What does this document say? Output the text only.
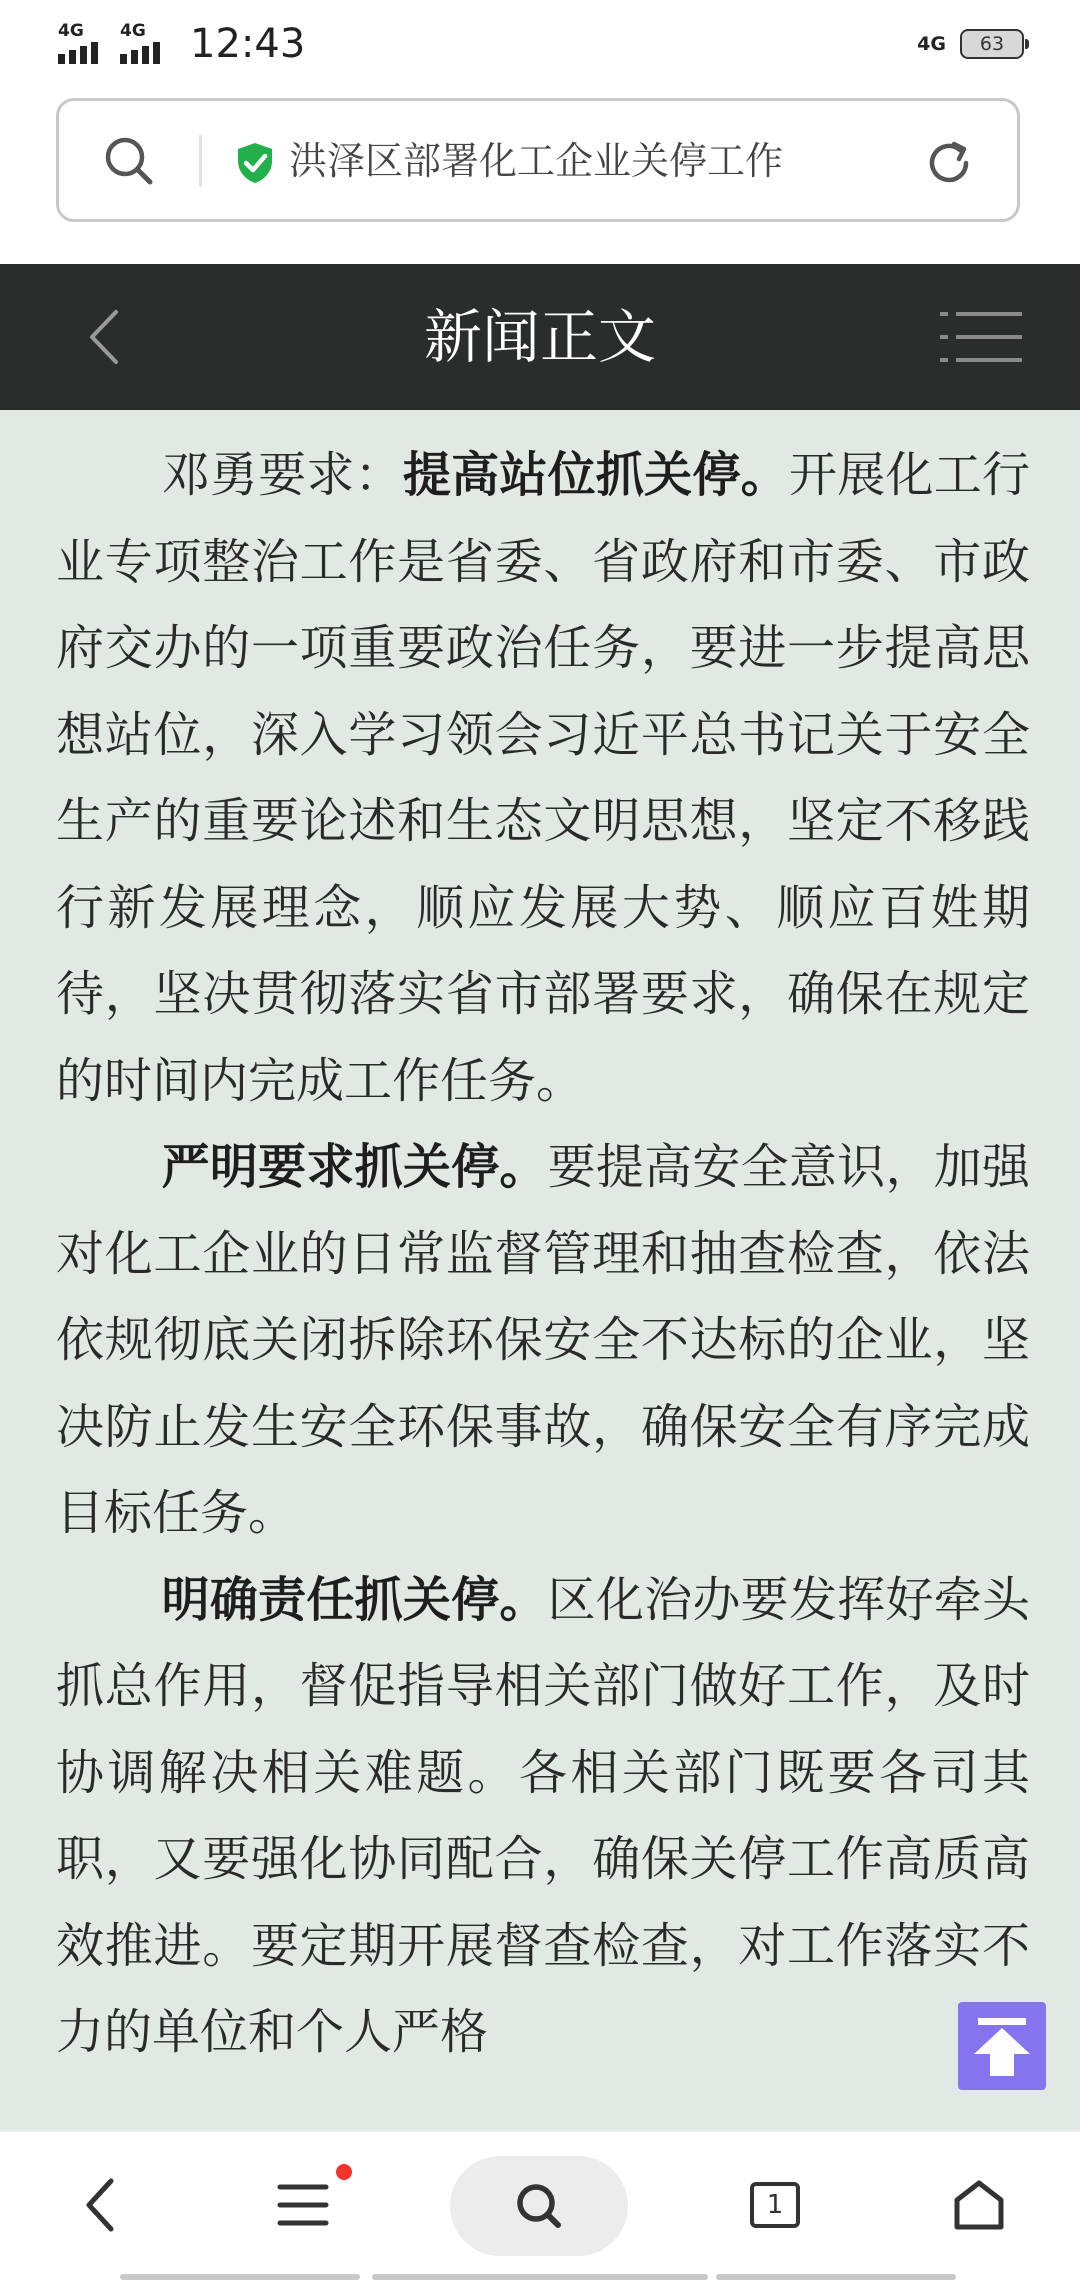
4G 4G 12:43	4G 63
洪泽区部署化工企业关停工作
新闻正文

邓勇要求：提高站位抓关停。开展化工行业专项整治工作是省委、省政府和市委、市政府交办的一项重要政治任务，要进一步提高思想站位，深入学习领会习近平总书记关于安全生产的重要论述和生态文明思想，坚定不移践行新发展理念，顺应发展大势、顺应百姓期待，坚决贯彻落实省市部署要求，确保在规定的时间内完成工作任务。

严明要求抓关停。要提高安全意识，加强对化工企业的日常监督管理和抽查检查，依法依规彻底关闭拆除环保安全不达标的企业，坚决防止发生安全环保事故，确保安全有序完成目标任务。

明确责任抓关停。区化治办要发挥好牵头抓总作用，督促指导相关部门做好工作，及时协调解决相关难题。各相关部门既要各司其职，又要强化协同配合，确保关停工作高质高效推进。要定期开展督查检查，对工作落实不力的单位和个人严格

1
